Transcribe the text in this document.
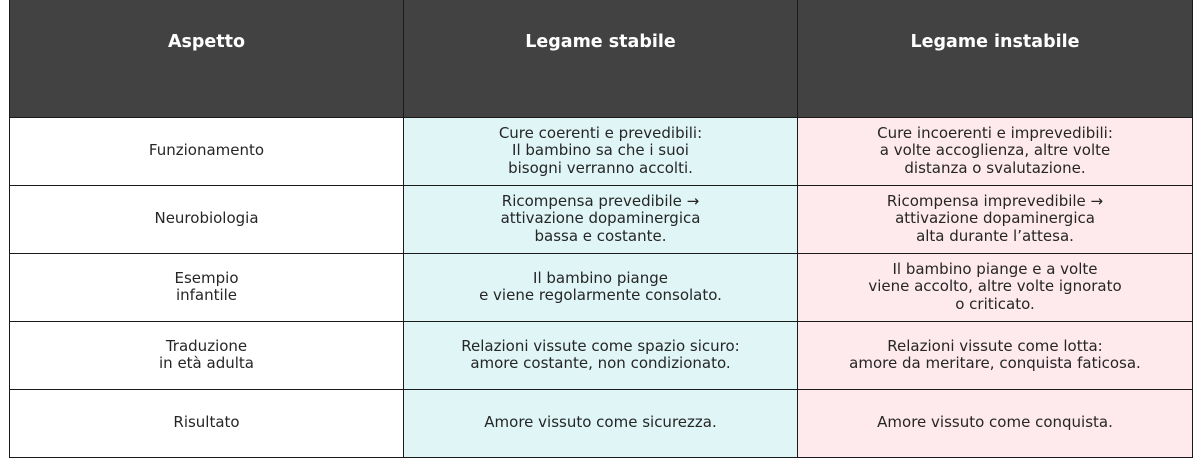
Aspetto	Legame stabile	Legame instabile

Funzionamento	Cure coerenti e prevedibili:
Il bambino sa che i suoi
bisogni verranno accolti.	Cure incoerenti e imprevedibili:
a volte accoglienza, altre volte
distanza o svalutazione.

Neurobiologia	Ricompensa prevedibile →
attivazione dopaminergica
bassa e costante.	Ricompensa imprevedibile →
attivazione dopaminergica
alta durante l’attesa.

Esempio
infantile	Il bambino piange
e viene regolarmente consolato.	Il bambino piange e a volte
viene accolto, altre volte ignorato
o criticato.

Traduzione
in età adulta	Relazioni vissute come spazio sicuro:
amore costante, non condizionato.	Relazioni vissute come lotta:
amore da meritare, conquista faticosa.

Risultato	Amore vissuto come sicurezza.	Amore vissuto come conquista.
